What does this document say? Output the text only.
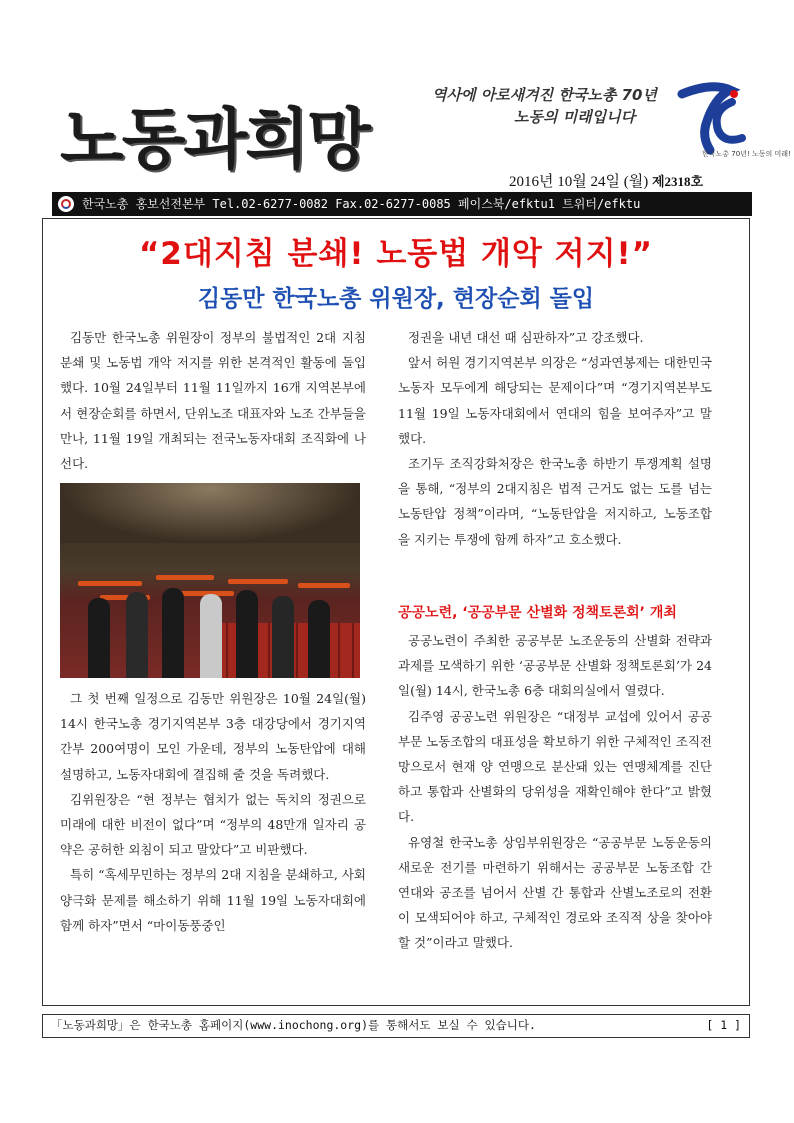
노동과희망
역사에 아로새겨진 한국노총 70년
노동의 미래입니다
한국노총 70년! 노동의 미래!
2016년 10월 24일 (월) 제2318호
한국노총 홍보선전본부 Tel.02-6277-0082 Fax.02-6277-0085 페이스북/efktu1 트위터/efktu
“2대지침 분쇄! 노동법 개악 저지!”
김동만 한국노총 위원장, 현장순회 돌입

김동만 한국노총 위원장이 정부의 불법적인 2대 지침 분쇄 및 노동법 개악 저지를 위한 본격적인 활동에 돌입했다. 10월 24일부터 11월 11일까지 16개 지역본부에서 현장순회를 하면서, 단위노조 대표자와 노조 간부들을 만나, 11월 19일 개최되는 전국노동자대회 조직화에 나선다.

그 첫 번째 일정으로 김동만 위원장은 10월 24일(월) 14시 한국노총 경기지역본부 3층 대강당에서 경기지역 간부 200여명이 모인 가운데, 정부의 노동탄압에 대해 설명하고, 노동자대회에 결집해 줄 것을 독려했다.

김위원장은 “현 정부는 협치가 없는 독치의 정권으로 미래에 대한 비전이 없다”며 “정부의 48만개 일자리 공약은 공허한 외침이 되고 말았다”고 비판했다.

특히 “혹세무민하는 정부의 2대 지침을 분쇄하고, 사회양극화 문제를 해소하기 위해 11월 19일 노동자대회에 함께 하자”면서 “마이동풍중인

정권을 내년 대선 때 심판하자”고 강조했다.

앞서 허원 경기지역본부 의장은 “성과연봉제는 대한민국 노동자 모두에게 해당되는 문제이다”며 “경기지역본부도 11월 19일 노동자대회에서 연대의 힘을 보여주자”고 말했다.

조기두 조직강화처장은 한국노총 하반기 투쟁계획 설명을 통해, “정부의 2대지침은 법적 근거도 없는 도를 넘는 노동탄압 정책”이라며, “노동탄압을 저지하고, 노동조합을 지키는 투쟁에 함께 하자”고 호소했다.

공공노련, ‘공공부문 산별화 정책토론회’ 개최

공공노련이 주최한 공공부문 노조운동의 산별화 전략과 과제를 모색하기 위한 ‘공공부문 산별화 정책토론회’가 24일(월) 14시, 한국노총 6층 대회의실에서 열렸다.

김주영 공공노련 위원장은 “대정부 교섭에 있어서 공공부문 노동조합의 대표성을 확보하기 위한 구체적인 조직전망으로서 현재 양 연맹으로 분산돼 있는 연맹체계를 진단하고 통합과 산별화의 당위성을 재확인해야 한다”고 밝혔다.

유영철 한국노총 상임부위원장은 “공공부문 노동운동의 새로운 전기를 마련하기 위해서는 공공부문 노동조합 간 연대와 공조를 넘어서 산별 간 통합과 산별노조로의 전환이 모색되어야 하고, 구체적인 경로와 조직적 상을 찾아야 할 것”이라고 말했다.

「노동과희망」은 한국노총 홈페이지(www.inochong.org)를 통해서도 보실 수 있습니다.	[ 1 ]
